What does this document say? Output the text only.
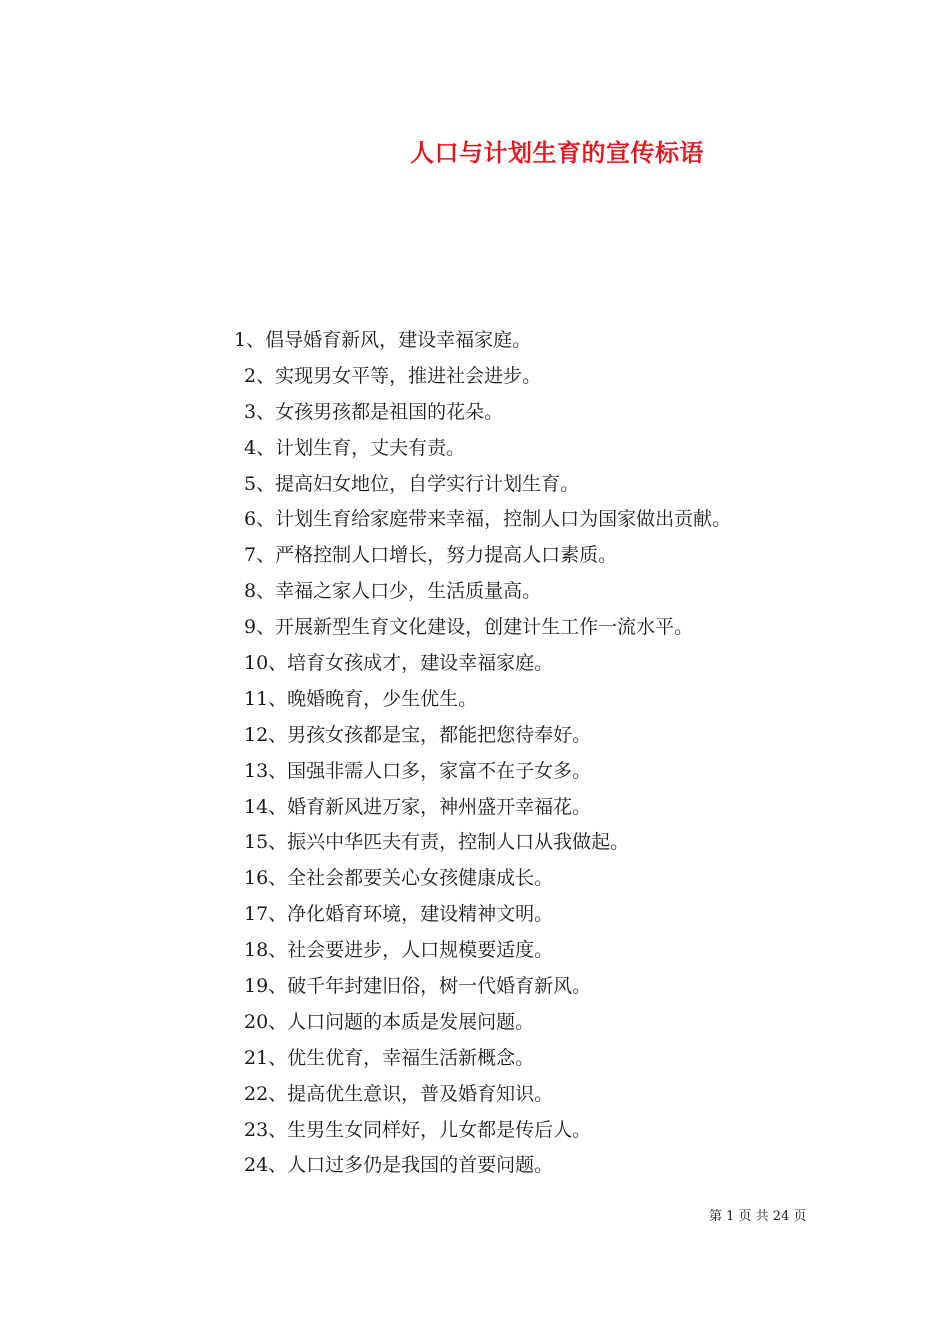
人口与计划生育的宣传标语
1、倡导婚育新风，建设幸福家庭。
2、实现男女平等，推进社会进步。
3、女孩男孩都是祖国的花朵。
4、计划生育，丈夫有责。
5、提高妇女地位，自学实行计划生育。
6、计划生育给家庭带来幸福，控制人口为国家做出贡献。
7、严格控制人口增长，努力提高人口素质。
8、幸福之家人口少，生活质量高。
9、开展新型生育文化建设，创建计生工作一流水平。
10、培育女孩成才，建设幸福家庭。
11、晚婚晚育，少生优生。
12、男孩女孩都是宝，都能把您待奉好。
13、国强非需人口多，家富不在子女多。
14、婚育新风进万家，神州盛开幸福花。
15、振兴中华匹夫有责，控制人口从我做起。
16、全社会都要关心女孩健康成长。
17、净化婚育环境，建设精神文明。
18、社会要进步，人口规模要适度。
19、破千年封建旧俗，树一代婚育新风。
20、人口问题的本质是发展问题。
21、优生优育，幸福生活新概念。
22、提高优生意识，普及婚育知识。
23、生男生女同样好，儿女都是传后人。
24、人口过多仍是我国的首要问题。
第 1 页 共 24 页
